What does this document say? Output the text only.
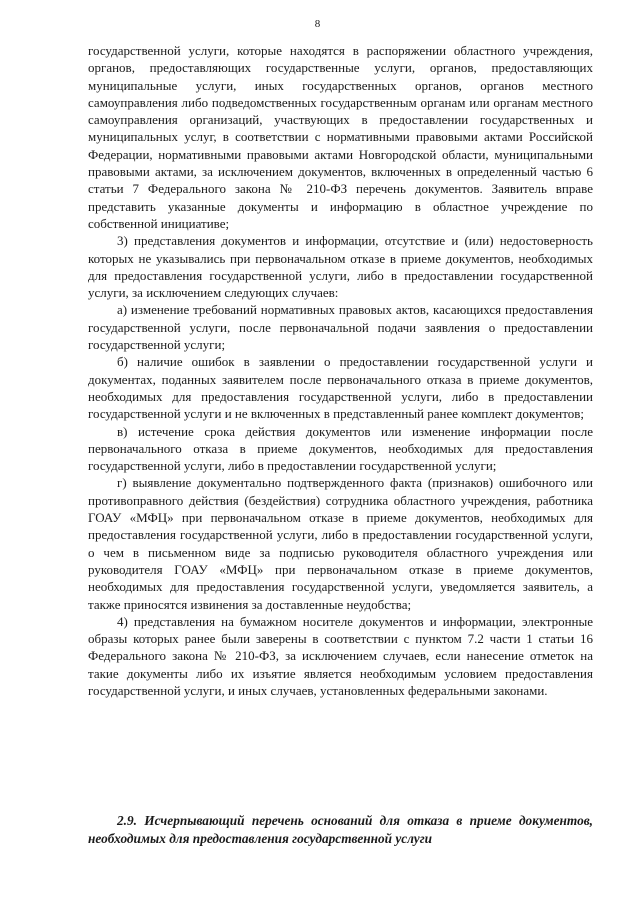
8

государственной услуги, которые находятся в распоряжении областного учреждения, органов, предоставляющих государственные услуги, органов, предоставляющих муниципальные услуги, иных государственных органов, органов местного самоуправления либо подведомственных государственным органам или органам местного самоуправления организаций, участвующих в предоставлении государственных и муниципальных услуг, в соответствии с нормативными правовыми актами Российской Федерации, нормативными правовыми актами Новгородской области, муниципальными правовыми актами, за исключением документов, включенных в определенный частью 6 статьи 7 Федерального закона № 210-ФЗ перечень документов. Заявитель вправе представить указанные документы и информацию в областное учреждение по собственной инициативе;

3) представления документов и информации, отсутствие и (или) недостоверность которых не указывались при первоначальном отказе в приеме документов, необходимых для предоставления государственной услуги, либо в предоставлении государственной услуги, за исключением следующих случаев:

а) изменение требований нормативных правовых актов, касающихся предоставления государственной услуги, после первоначальной подачи заявления о предоставлении государственной услуги;

б) наличие ошибок в заявлении о предоставлении государственной услуги и документах, поданных заявителем после первоначального отказа в приеме документов, необходимых для предоставления государственной услуги, либо в предоставлении государственной услуги и не включенных в представленный ранее комплект документов;

в) истечение срока действия документов или изменение информации после первоначального отказа в приеме документов, необходимых для предоставления государственной услуги, либо в предоставлении государственной услуги;

г) выявление документально подтвержденного факта (признаков) ошибочного или противоправного действия (бездействия) сотрудника областного учреждения, работника ГОАУ «МФЦ» при первоначальном отказе в приеме документов, необходимых для предоставления государственной услуги, либо в предоставлении государственной услуги, о чем в письменном виде за подписью руководителя областного учреждения или руководителя ГОАУ «МФЦ» при первоначальном отказе в приеме документов, необходимых для предоставления государственной услуги, уведомляется заявитель, а также приносятся извинения за доставленные неудобства;

4) представления на бумажном носителе документов и информации, электронные образы которых ранее были заверены в соответствии с пунктом 7.2 части 1 статьи 16 Федерального закона № 210-ФЗ, за исключением случаев, если нанесение отметок на такие документы либо их изъятие является необходимым условием предоставления государственной услуги, и иных случаев, установленных федеральными законами.

2.9. Исчерпывающий перечень оснований для отказа в приеме документов, необходимых для предоставления государственной услуги
